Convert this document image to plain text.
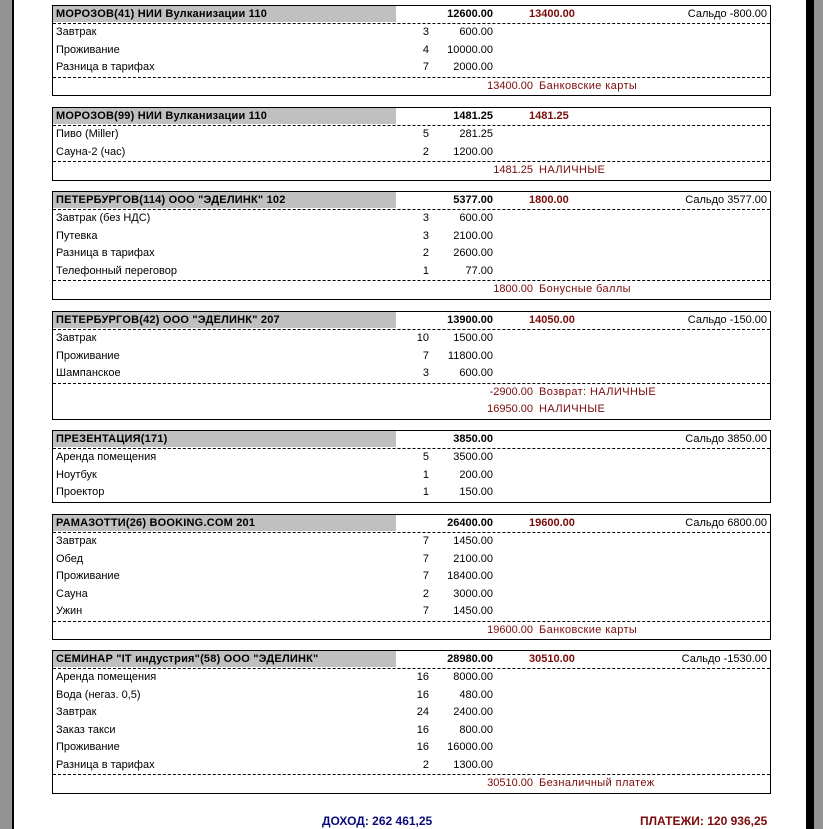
МОРОЗОВ(41) НИИ Вулканизации 110	12600.00	13400.00	Сальдо -800.00
Завтрак	3	600.00
Проживание	4	10000.00
Разница в тарифах	7	2000.00
13400.00 Банковские карты
МОРОЗОВ(99) НИИ Вулканизации 110	1481.25	1481.25
Пиво (Miller)	5	281.25
Сауна-2 (час)	2	1200.00
1481.25 НАЛИЧНЫЕ
ПЕТЕРБУРГОВ(114) ООО "ЭДЕЛИНК" 102	5377.00	1800.00	Сальдо 3577.00
Завтрак (без НДС)	3	600.00
Путевка	3	2100.00
Разница в тарифах	2	2600.00
Телефонный переговор	1	77.00
1800.00 Бонусные баллы
ПЕТЕРБУРГОВ(42) ООО "ЭДЕЛИНК" 207	13900.00	14050.00	Сальдо -150.00
Завтрак	10	1500.00
Проживание	7	11800.00
Шампанское	3	600.00
-2900.00 Возврат: НАЛИЧНЫЕ
16950.00 НАЛИЧНЫЕ
ПРЕЗЕНТАЦИЯ(171)	3850.00	Сальдо 3850.00
Аренда помещения	5	3500.00
Ноутбук	1	200.00
Проектор	1	150.00
РАМАЗОТТИ(26) BOOKING.COM 201	26400.00	19600.00	Сальдо 6800.00
Завтрак	7	1450.00
Обед	7	2100.00
Проживание	7	18400.00
Сауна	2	3000.00
Ужин	7	1450.00
19600.00 Банковские карты
СЕМИНАР "IT индустрия"(58) ООО "ЭДЕЛИНК"	28980.00	30510.00	Сальдо -1530.00
Аренда помещения	16	8000.00
Вода (негаз. 0,5)	16	480.00
Завтрак	24	2400.00
Заказ такси	16	800.00
Проживание	16	16000.00
Разница в тарифах	2	1300.00
30510.00 Безналичный платеж
ДОХОД: 262 461,25	ПЛАТЕЖИ: 120 936,25
